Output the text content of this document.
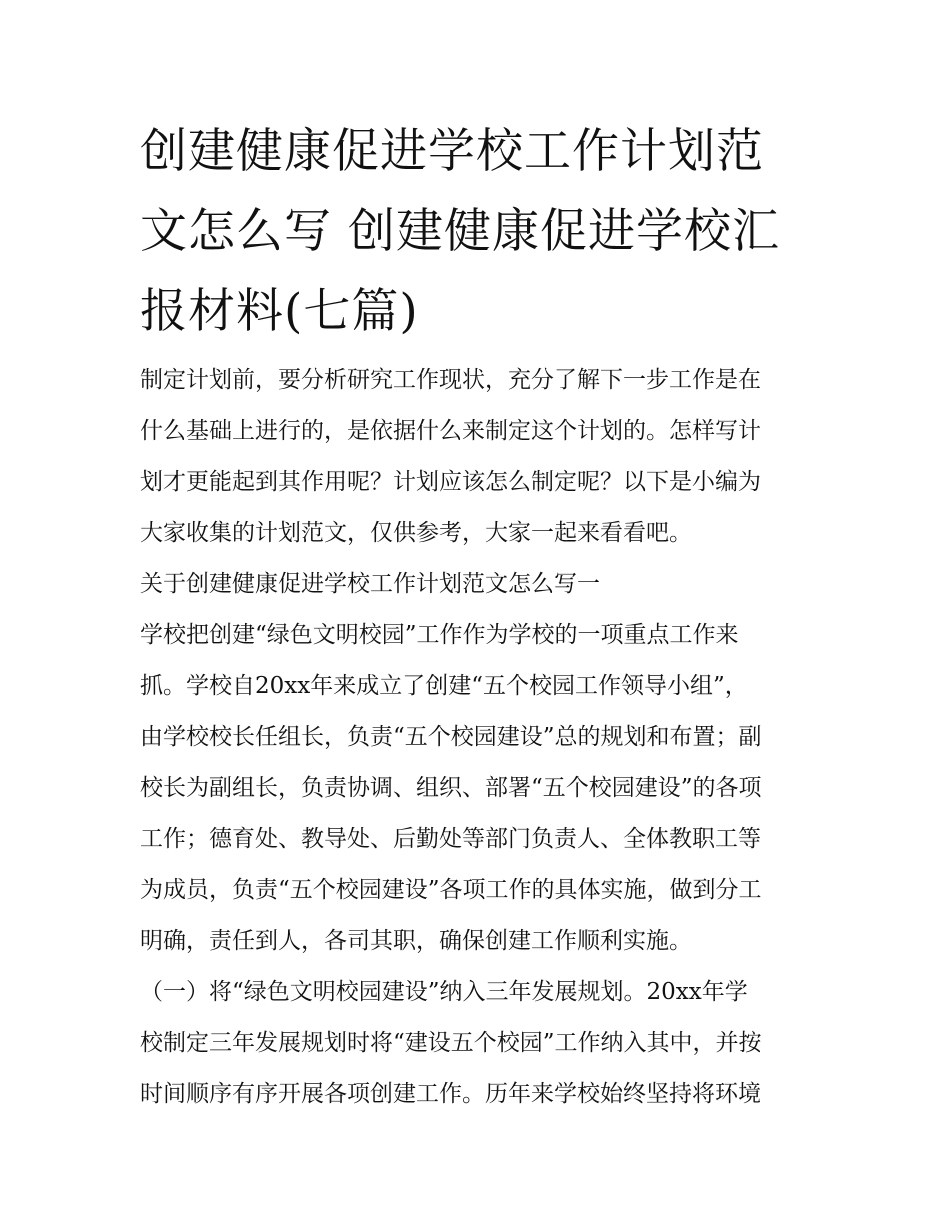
创建健康促进学校工作计划范
文怎么写 创建健康促进学校汇
报材料(七篇)
制定计划前，要分析研究工作现状，充分了解下一步工作是在
什么基础上进行的，是依据什么来制定这个计划的。怎样写计
划才更能起到其作用呢？计划应该怎么制定呢？以下是小编为
大家收集的计划范文，仅供参考，大家一起来看看吧。
关于创建健康促进学校工作计划范文怎么写一
学校把创建“绿色文明校园”工作作为学校的一项重点工作来
抓。学校自20xx年来成立了创建“五个校园工作领导小组”，
由学校校长任组长，负责“五个校园建设”总的规划和布置；副
校长为副组长，负责协调、组织、部署“五个校园建设”的各项
工作；德育处、教导处、后勤处等部门负责人、全体教职工等
为成员，负责“五个校园建设”各项工作的具体实施，做到分工
明确，责任到人，各司其职，确保创建工作顺利实施。
（一）将“绿色文明校园建设”纳入三年发展规划。20xx年学
校制定三年发展规划时将“建设五个校园”工作纳入其中，并按
时间顺序有序开展各项创建工作。历年来学校始终坚持将环境
